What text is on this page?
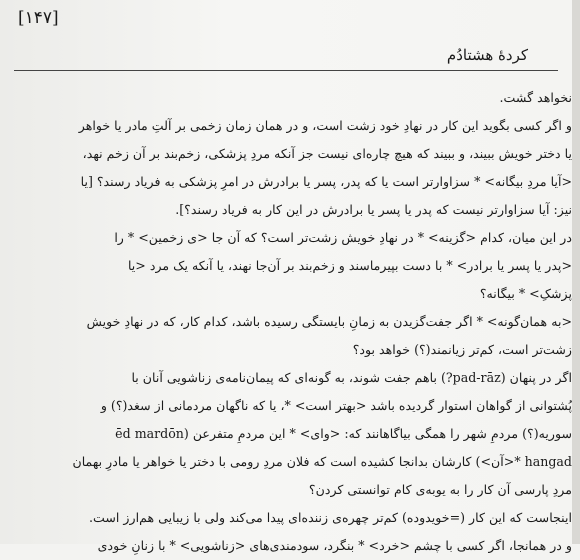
[۱۴۷]
کردهٔ هشتادُم
نخواهد گشت.
و اگر کسی بگوید این کار در نهادِ خود زشت است، و در همان زمان زخمی بر آلتِ مادر یا خواهر
یا دختر خویش ببیند، و ببیند که هیچ چاره‌ای نیست جز آنکه مردِ پزشکی، زخم‌بند بر آن زخم نهد،
<آیا مردِ بیگانه> * سزاوارتر است یا که پدر، پسر یا برادرش در امرِ پزشکی به فریاد رسند؟ [یا
نیز: آیا سزاوارتر نیست که پدر یا پسر یا برادرش در این کار به فریاد رسند؟].
در این میان، کدام <گزینه> * در نهادِ خویش زشت‌تر است؟ که آن جا <ی زخمین> * را
<پدر یا پسر یا برادر> * با دست بپیرماسند و زخم‌بند بر آن‌جا نهند، یا آنکه یک مرد <یا
پزشکِ> * بیگانه؟
<به همان‌گونه> * اگر جفت‌گزیدن به زمانِ بایستگی رسیده باشد، کدام کار، که در نهادِ خویش
زشت‌تر است، کم‌تر زیانمند(؟) خواهد بود؟
اگر در پنهان (pad-rāz?) باهم جفت شوند، به گونه‌ای که پیمان‌نامه‌ی زناشویی آنان با
پُشتوانی از گواهان استوار گردیده باشد <بهتر است> *، یا که ناگهان مردمانی از سغد(؟) و
سوریه(؟) مردمِ شهر را همگی بیاگاهانند که: <وای> * این مردمِ متفرعن (ēd mardōn
hangad *<آن>) کارشان بدانجا کشیده است که فلان مردِ رومی با دختر یا خواهر یا مادرِ بهمان
مردِ پارسی آن کار را به یوبه‌ی کام توانستی کردن؟
اینجاست که این کار (=خویدوده) کم‌تر چهره‌ی زننده‌ای پیدا می‌کند ولی با زیبایی هم‌ارز است.
و در همانجا، اگر کسی با چشم <خرد> * بنگرد، سودمندی‌های <زناشویی> * با زنانِ خودی
